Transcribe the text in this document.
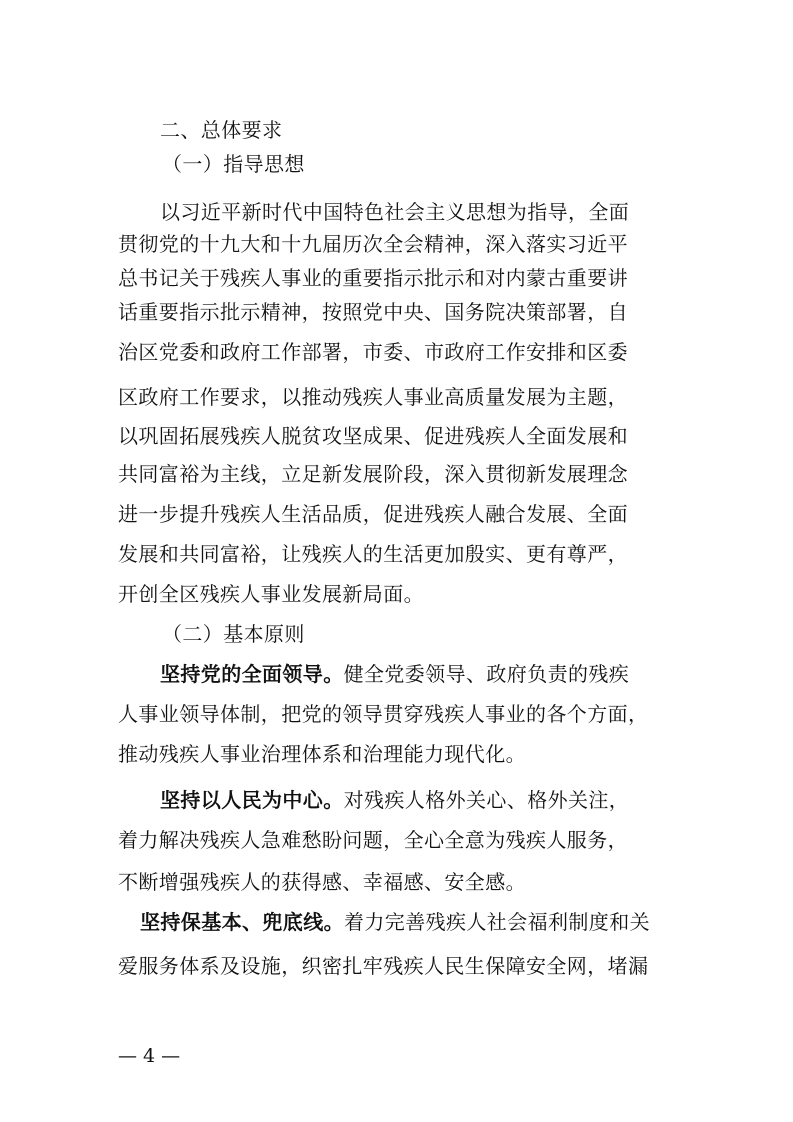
二、总体要求
（一）指导思想
以习近平新时代中国特色社会主义思想为指导，全面
贯彻党的十九大和十九届历次全会精神，深入落实习近平
总书记关于残疾人事业的重要指示批示和对内蒙古重要讲
话重要指示批示精神，按照党中央、国务院决策部署，自
治区党委和政府工作部署，市委、市政府工作安排和区委
区政府工作要求，以推动残疾人事业高质量发展为主题，
以巩固拓展残疾人脱贫攻坚成果、促进残疾人全面发展和
共同富裕为主线，立足新发展阶段，深入贯彻新发展理念
进一步提升残疾人生活品质，促进残疾人融合发展、全面
发展和共同富裕，让残疾人的生活更加殷实、更有尊严，
开创全区残疾人事业发展新局面。
（二）基本原则
坚持党的全面领导。健全党委领导、政府负责的残疾
人事业领导体制，把党的领导贯穿残疾人事业的各个方面，
推动残疾人事业治理体系和治理能力现代化。
坚持以人民为中心。对残疾人格外关心、格外关注，
着力解决残疾人急难愁盼问题，全心全意为残疾人服务，
不断增强残疾人的获得感、幸福感、安全感。
坚持保基本、兜底线。着力完善残疾人社会福利制度和关
爱服务体系及设施，织密扎牢残疾人民生保障安全网，堵漏
— 4 —
